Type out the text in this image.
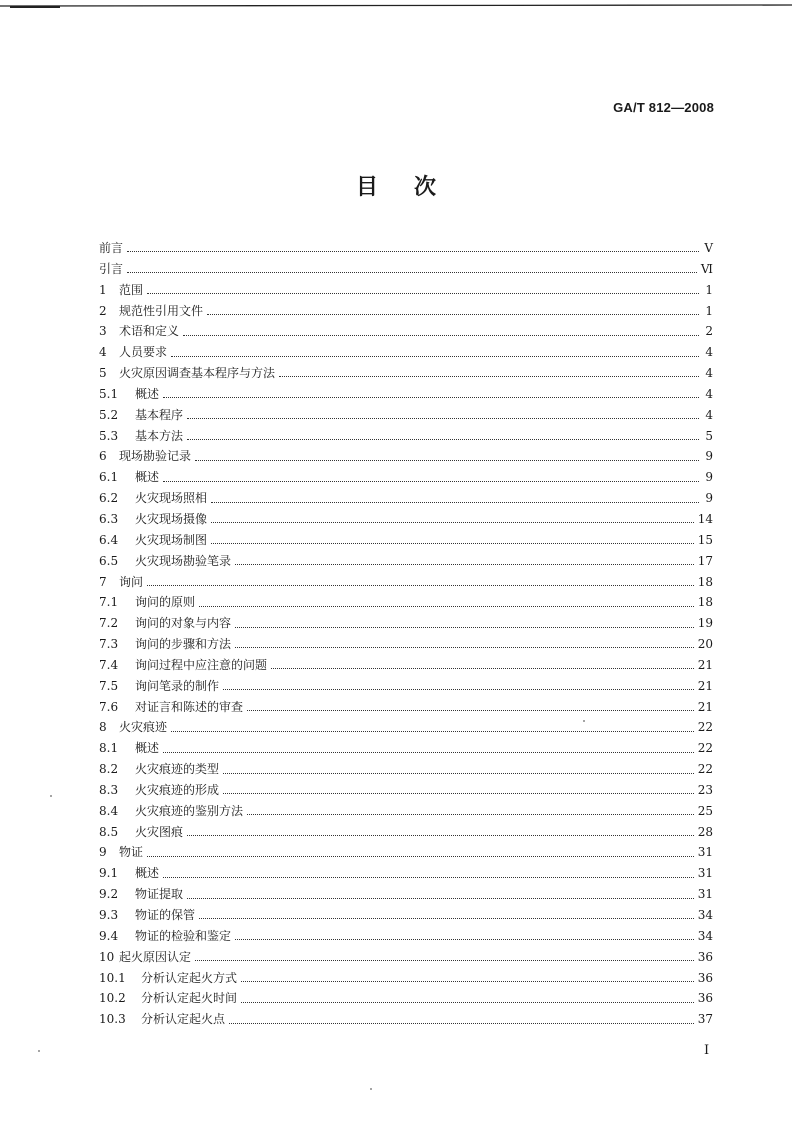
GA/T 812—2008
目 次
前言	Ⅴ
引言	Ⅵ
1	范围	1
2	规范性引用文件	1
3	术语和定义	2
4	人员要求	4
5	火灾原因调查基本程序与方法	4
5.1	概述	4
5.2	基本程序	4
5.3	基本方法	5
6	现场勘验记录	9
6.1	概述	9
6.2	火灾现场照相	9
6.3	火灾现场摄像	14
6.4	火灾现场制图	15
6.5	火灾现场勘验笔录	17
7	询问	18
7.1	询问的原则	18
7.2	询问的对象与内容	19
7.3	询问的步骤和方法	20
7.4	询问过程中应注意的问题	21
7.5	询问笔录的制作	21
7.6	对证言和陈述的审查	21
8	火灾痕迹	22
8.1	概述	22
8.2	火灾痕迹的类型	22
8.3	火灾痕迹的形成	23
8.4	火灾痕迹的鉴别方法	25
8.5	火灾图痕	28
9	物证	31
9.1	概述	31
9.2	物证提取	31
9.3	物证的保管	34
9.4	物证的检验和鉴定	34
10 起火原因认定	36
10.1	分析认定起火方式	36
10.2	分析认定起火时间	36
10.3	分析认定起火点	37
I
